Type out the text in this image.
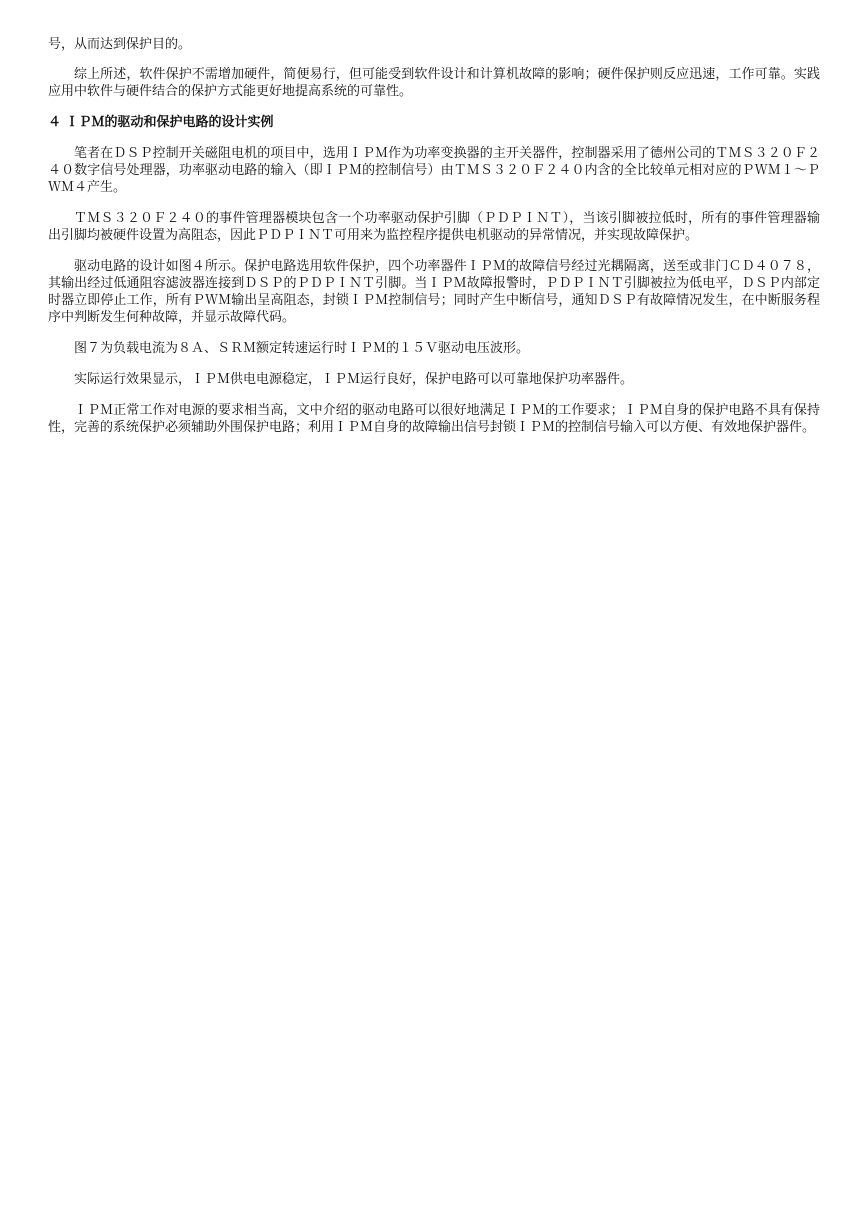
号，从而达到保护目的。

综上所述，软件保护不需增加硬件，简便易行，但可能受到软件设计和计算机故障的影响；硬件保护则反应迅速，工作可靠。实践应用中软件与硬件结合的保护方式能更好地提高系统的可靠性。

４ ＩＰＭ的驱动和保护电路的设计实例

笔者在ＤＳＰ控制开关磁阻电机的项目中，选用ＩＰＭ作为功率变换器的主开关器件，控制器采用了德州公司的ＴＭＳ３２０Ｆ２４０数字信号处理器，功率驱动电路的输入（即ＩＰＭ的控制信号）由ＴＭＳ３２０Ｆ２４０内含的全比较单元相对应的ＰＷＭ１～ＰＷＭ４产生。

ＴＭＳ３２０Ｆ２４０的事件管理器模块包含一个功率驱动保护引脚（ＰＤＰＩＮＴ），当该引脚被拉低时，所有的事件管理器输出引脚均被硬件设置为高阻态，因此ＰＤＰＩＮＴ可用来为监控程序提供电机驱动的异常情况，并实现故障保护。

驱动电路的设计如图４所示。保护电路选用软件保护，四个功率器件ＩＰＭ的故障信号经过光耦隔离，送至或非门ＣＤ４０７８，其输出经过低通阻容滤波器连接到ＤＳＰ的ＰＤＰＩＮＴ引脚。当ＩＰＭ故障报警时，ＰＤＰＩＮＴ引脚被拉为低电平，ＤＳＰ内部定时器立即停止工作，所有ＰＷＭ输出呈高阻态，封锁ＩＰＭ控制信号；同时产生中断信号，通知ＤＳＰ有故障情况发生，在中断服务程序中判断发生何种故障，并显示故障代码。

图７为负载电流为８Ａ、ＳＲＭ额定转速运行时ＩＰＭ的１５Ｖ驱动电压波形。

实际运行效果显示，ＩＰＭ供电电源稳定，ＩＰＭ运行良好，保护电路可以可靠地保护功率器件。

ＩＰＭ正常工作对电源的要求相当高，文中介绍的驱动电路可以很好地满足ＩＰＭ的工作要求；ＩＰＭ自身的保护电路不具有保持性，完善的系统保护必须辅助外围保护电路；利用ＩＰＭ自身的故障输出信号封锁ＩＰＭ的控制信号输入可以方便、有效地保护器件。
